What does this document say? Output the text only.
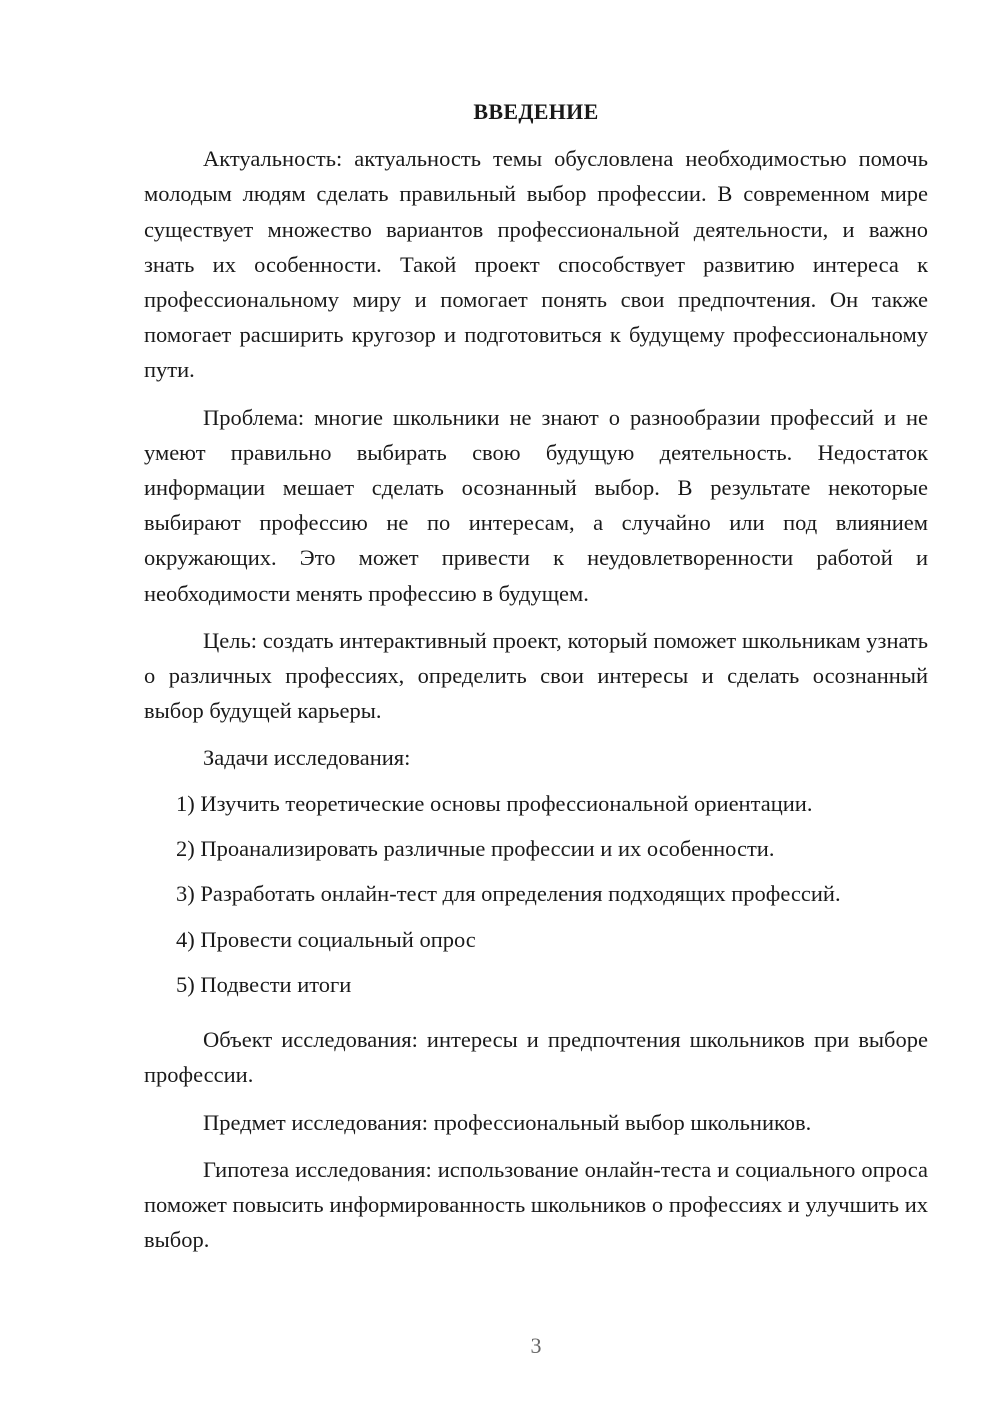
ВВЕДЕНИЕ

Актуальность: актуальность темы обусловлена необходимостью помочь молодым людям сделать правильный выбор профессии. В современном мире существует множество вариантов профессиональной деятельности, и важно знать их особенности. Такой проект способствует развитию интереса к профессиональному миру и помогает понять свои предпочтения. Он также помогает расширить кругозор и подготовиться к будущему профессиональному пути.

Проблема: многие школьники не знают о разнообразии профессий и не умеют правильно выбирать свою будущую деятельность. Недостаток информации мешает сделать осознанный выбор. В результате некоторые выбирают профессию не по интересам, а случайно или под влиянием окружающих. Это может привести к неудовлетворенности работой и необходимости менять профессию в будущем.

Цель: создать интерактивный проект, который поможет школьникам узнать о различных профессиях, определить свои интересы и сделать осознанный выбор будущей карьеры.

Задачи исследования:

1) Изучить теоретические основы профессиональной ориентации.
2) Проанализировать различные профессии и их особенности.
3) Разработать онлайн-тест для определения подходящих профессий.
4) Провести социальный опрос
5) Подвести итоги

Объект исследования: интересы и предпочтения школьников при выборе профессии.

Предмет исследования: профессиональный выбор школьников.

Гипотеза исследования: использование онлайн-теста и социального опроса поможет повысить информированность школьников о профессиях и улучшить их выбор.

3
